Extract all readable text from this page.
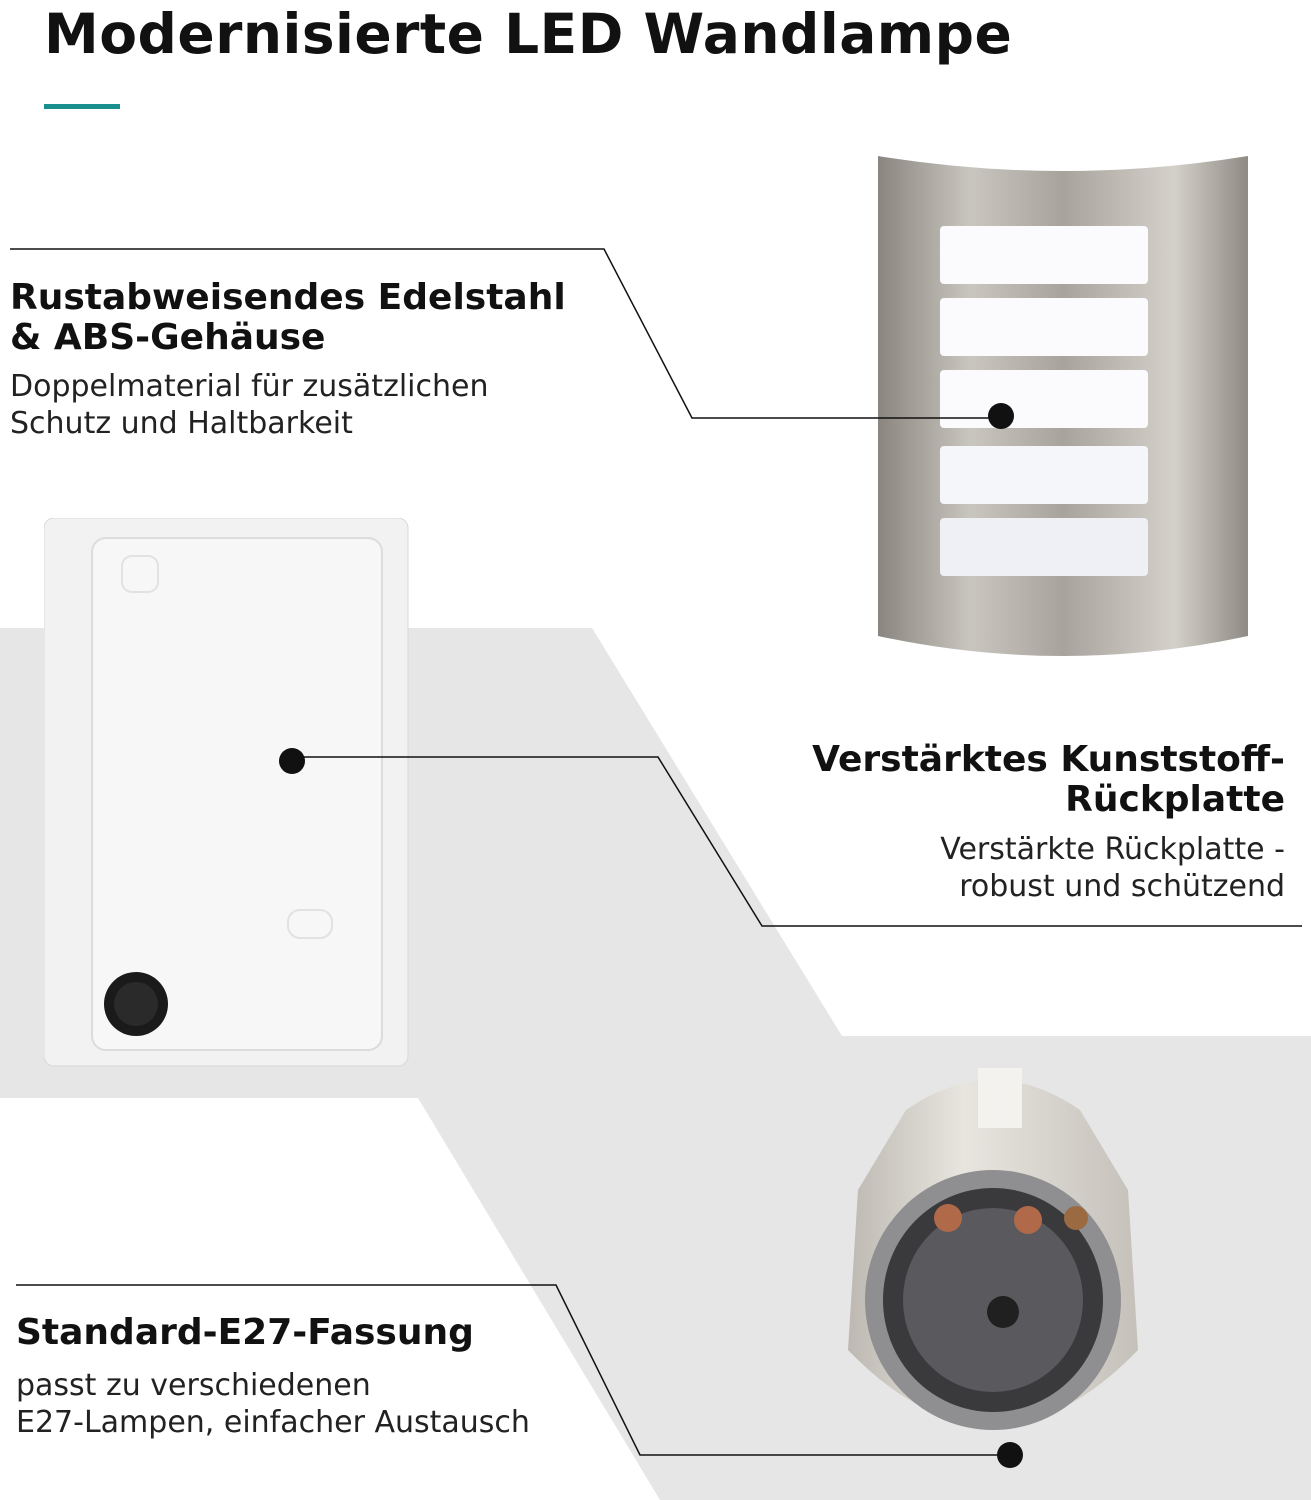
Modernisierte LED Wandlampe
Rustabweisendes Edelstahl
& ABS-Gehäuse
Doppelmaterial für zusätzlichen
Schutz und Haltbarkeit
Verstärktes Kunststoff-
Rückplatte
Verstärkte Rückplatte -
robust und schützend
Standard-E27-Fassung
passt zu verschiedenen
E27-Lampen, einfacher Austausch
